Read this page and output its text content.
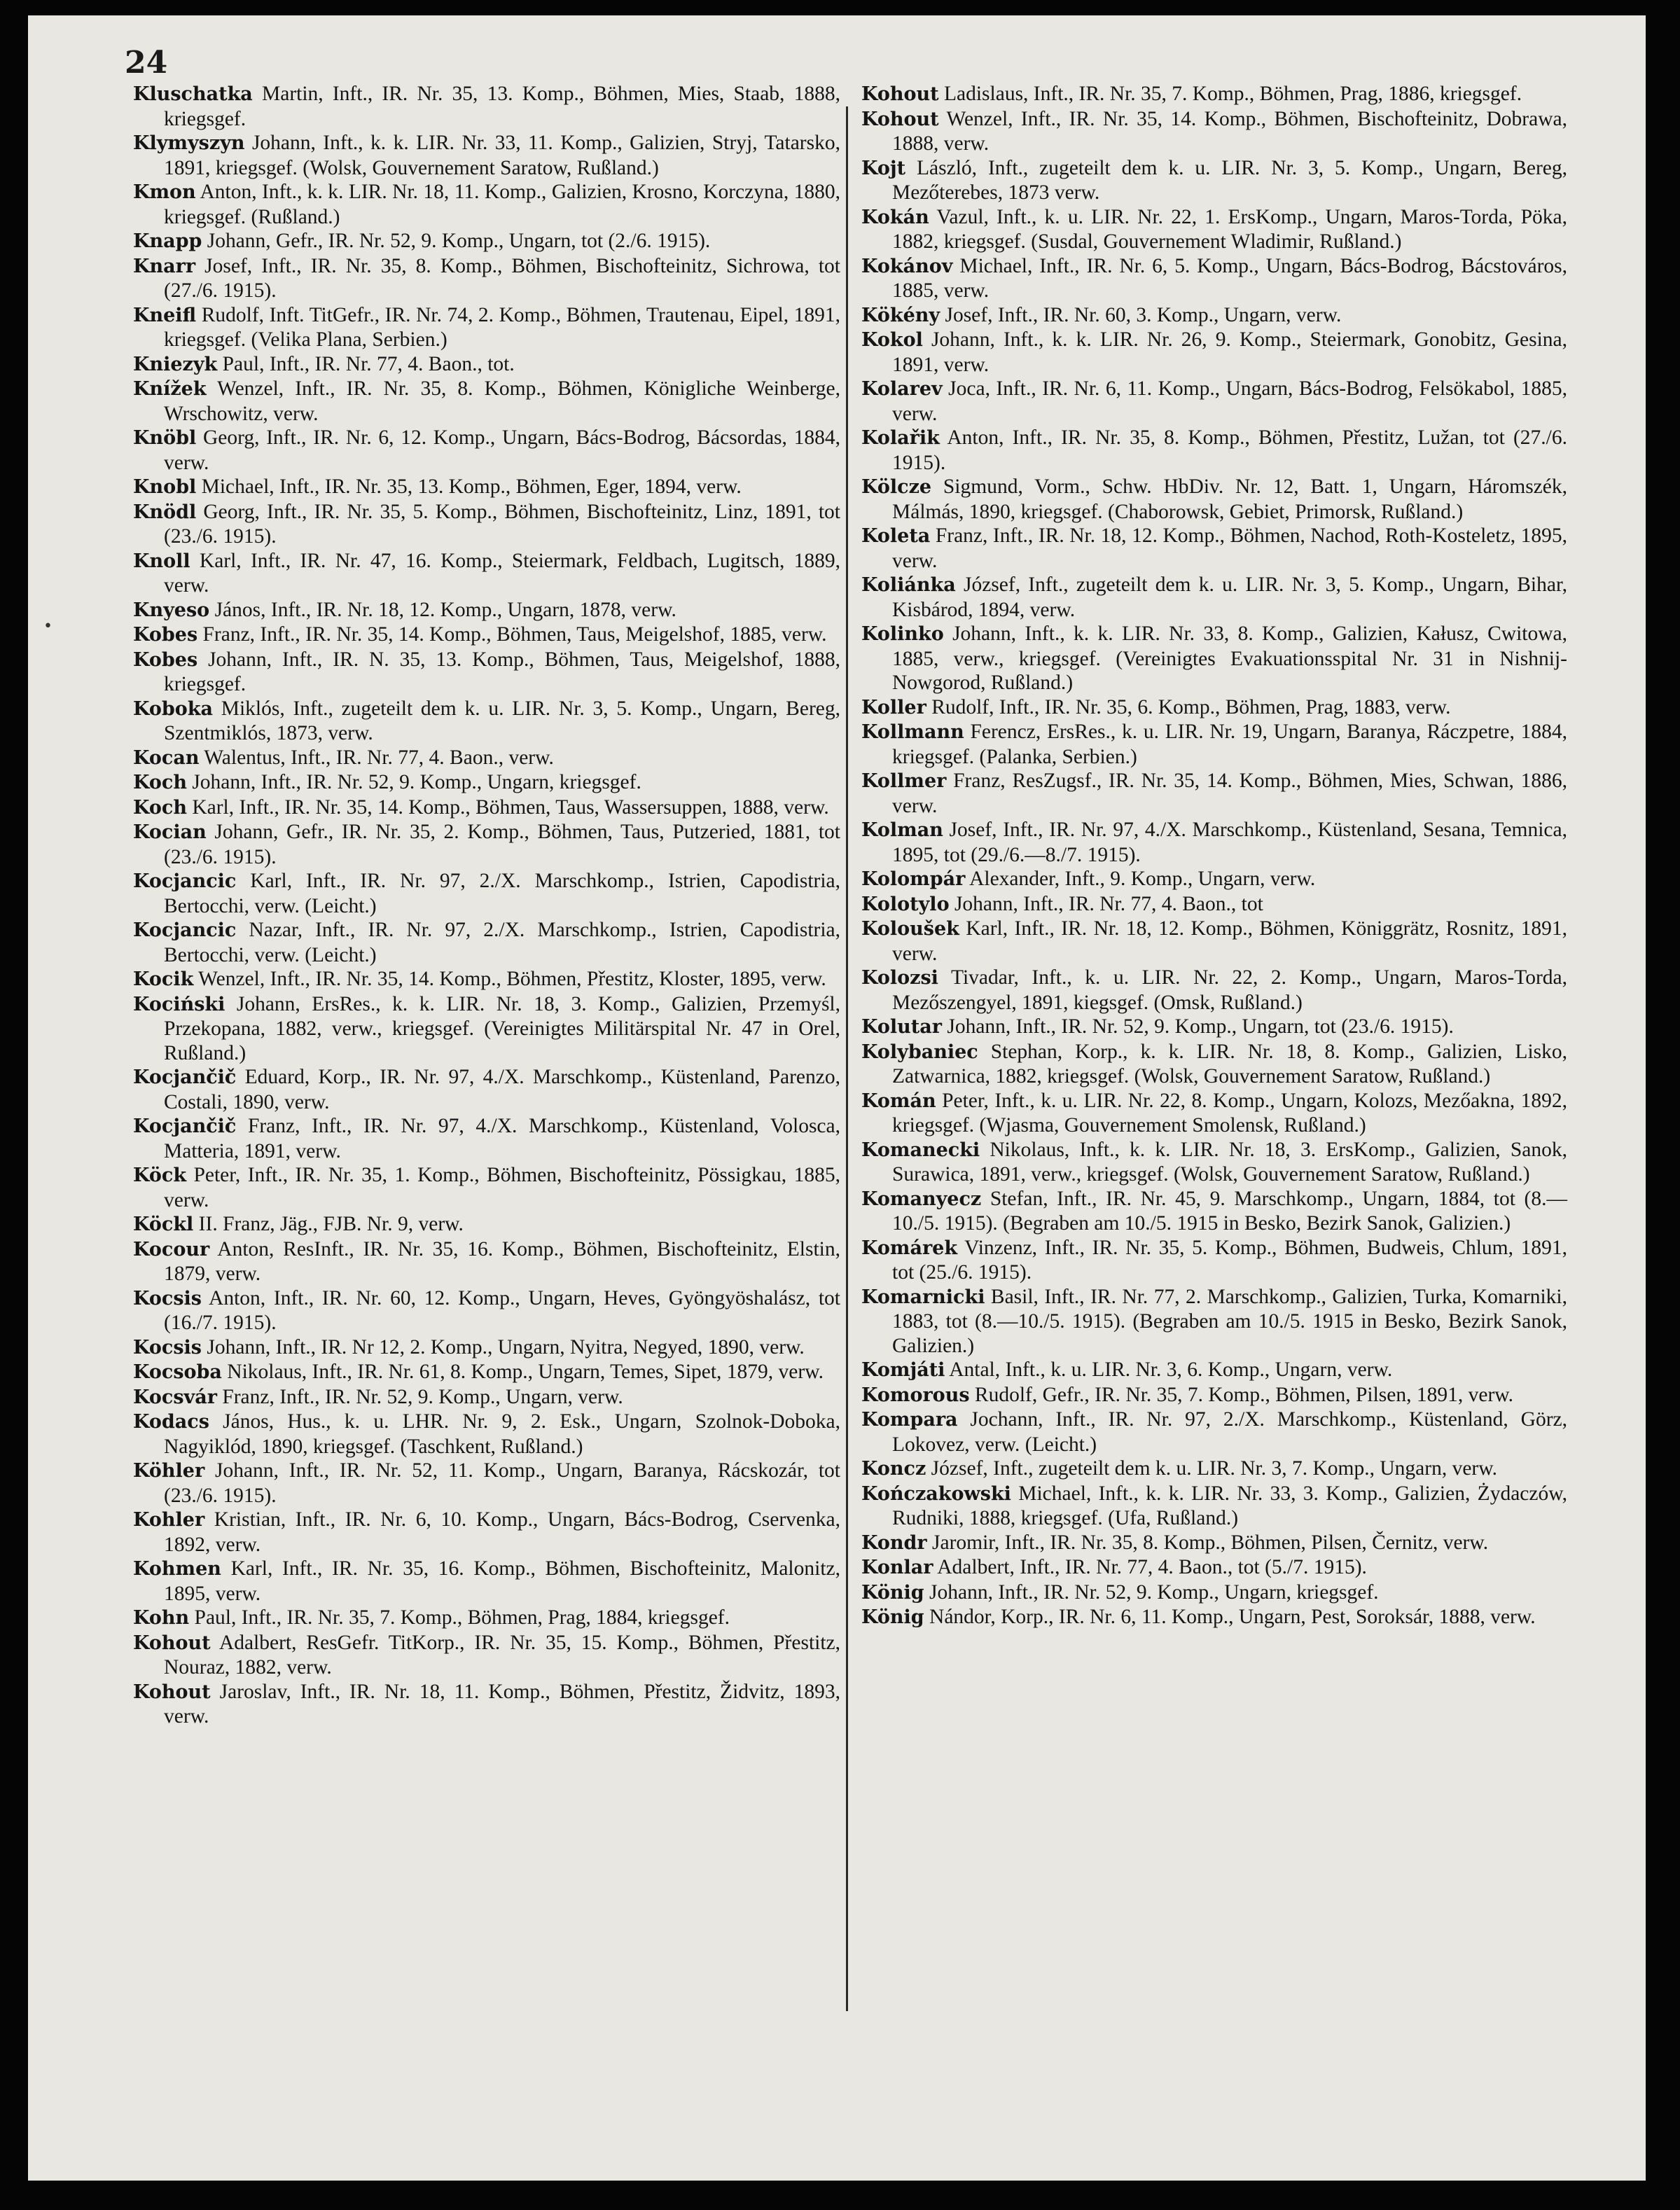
24

Kluschatka Martin, Inft., IR. Nr. 35, 13. Komp., Böhmen, Mies, Staab, 1888, kriegsgef.

Klymyszyn Johann, Inft., k. k. LIR. Nr. 33, 11. Komp., Galizien, Stryj, Tatarsko, 1891, kriegsgef. (Wolsk, Gouvernement Saratow, Rußland.)

Kmon Anton, Inft., k. k. LIR. Nr. 18, 11. Komp., Galizien, Krosno, Korczyna, 1880, kriegsgef. (Rußland.)

Knapp Johann, Gefr., IR. Nr. 52, 9. Komp., Ungarn, tot (2./6. 1915).

Knarr Josef, Inft., IR. Nr. 35, 8. Komp., Böhmen, Bischofteinitz, Sichrowa, tot (27./6. 1915).

Kneifl Rudolf, Inft. TitGefr., IR. Nr. 74, 2. Komp., Böhmen, Trautenau, Eipel, 1891, kriegsgef. (Velika Plana, Serbien.)

Kniezyk Paul, Inft., IR. Nr. 77, 4. Baon., tot.

Knížek Wenzel, Inft., IR. Nr. 35, 8. Komp., Böhmen, Königliche Weinberge, Wrschowitz, verw.

Knöbl Georg, Inft., IR. Nr. 6, 12. Komp., Ungarn, Bács-Bodrog, Bácsordas, 1884, verw.

Knobl Michael, Inft., IR. Nr. 35, 13. Komp., Böhmen, Eger, 1894, verw.

Knödl Georg, Inft., IR. Nr. 35, 5. Komp., Böhmen, Bischofteinitz, Linz, 1891, tot (23./6. 1915).

Knoll Karl, Inft., IR. Nr. 47, 16. Komp., Steiermark, Feldbach, Lugitsch, 1889, verw.

Knyeso János, Inft., IR. Nr. 18, 12. Komp., Ungarn, 1878, verw.

Kobes Franz, Inft., IR. Nr. 35, 14. Komp., Böhmen, Taus, Meigelshof, 1885, verw.

Kobes Johann, Inft., IR. N. 35, 13. Komp., Böhmen, Taus, Meigelshof, 1888, kriegsgef.

Koboka Miklós, Inft., zugeteilt dem k. u. LIR. Nr. 3, 5. Komp., Ungarn, Bereg, Szentmiklós, 1873, verw.

Kocan Walentus, Inft., IR. Nr. 77, 4. Baon., verw.

Koch Johann, Inft., IR. Nr. 52, 9. Komp., Ungarn, kriegsgef.

Koch Karl, Inft., IR. Nr. 35, 14. Komp., Böhmen, Taus, Wassersuppen, 1888, verw.

Kocian Johann, Gefr., IR. Nr. 35, 2. Komp., Böhmen, Taus, Putzeried, 1881, tot (23./6. 1915).

Kocjancic Karl, Inft., IR. Nr. 97, 2./X. Marschkomp., Istrien, Capodistria, Bertocchi, verw. (Leicht.)

Kocjancic Nazar, Inft., IR. Nr. 97, 2./X. Marschkomp., Istrien, Capodistria, Bertocchi, verw. (Leicht.)

Kocik Wenzel, Inft., IR. Nr. 35, 14. Komp., Böhmen, Přestitz, Kloster, 1895, verw.

Kociński Johann, ErsRes., k. k. LIR. Nr. 18, 3. Komp., Galizien, Przemyśl, Przekopana, 1882, verw., kriegsgef. (Vereinigtes Militärspital Nr. 47 in Orel, Rußland.)

Kocjančič Eduard, Korp., IR. Nr. 97, 4./X. Marschkomp., Küstenland, Parenzo, Costali, 1890, verw.

Kocjančič Franz, Inft., IR. Nr. 97, 4./X. Marschkomp., Küstenland, Volosca, Matteria, 1891, verw.

Köck Peter, Inft., IR. Nr. 35, 1. Komp., Böhmen, Bischofteinitz, Pössigkau, 1885, verw.

Köckl II. Franz, Jäg., FJB. Nr. 9, verw.

Kocour Anton, ResInft., IR. Nr. 35, 16. Komp., Böhmen, Bischofteinitz, Elstin, 1879, verw.

Kocsis Anton, Inft., IR. Nr. 60, 12. Komp., Ungarn, Heves, Gyöngyöshalász, tot (16./7. 1915).

Kocsis Johann, Inft., IR. Nr 12, 2. Komp., Ungarn, Nyitra, Negyed, 1890, verw.

Kocsoba Nikolaus, Inft., IR. Nr. 61, 8. Komp., Ungarn, Temes, Sipet, 1879, verw.

Kocsvár Franz, Inft., IR. Nr. 52, 9. Komp., Ungarn, verw.

Kodacs János, Hus., k. u. LHR. Nr. 9, 2. Esk., Ungarn, Szolnok-Doboka, Nagyiklód, 1890, kriegsgef. (Taschkent, Rußland.)

Köhler Johann, Inft., IR. Nr. 52, 11. Komp., Ungarn, Baranya, Rácskozár, tot (23./6. 1915).

Kohler Kristian, Inft., IR. Nr. 6, 10. Komp., Ungarn, Bács-Bodrog, Cservenka, 1892, verw.

Kohmen Karl, Inft., IR. Nr. 35, 16. Komp., Böhmen, Bischofteinitz, Malonitz, 1895, verw.

Kohn Paul, Inft., IR. Nr. 35, 7. Komp., Böhmen, Prag, 1884, kriegsgef.

Kohout Adalbert, ResGefr. TitKorp., IR. Nr. 35, 15. Komp., Böhmen, Přestitz, Nouraz, 1882, verw.

Kohout Jaroslav, Inft., IR. Nr. 18, 11. Komp., Böhmen, Přestitz, Židvitz, 1893, verw.

Kohout Ladislaus, Inft., IR. Nr. 35, 7. Komp., Böhmen, Prag, 1886, kriegsgef.

Kohout Wenzel, Inft., IR. Nr. 35, 14. Komp., Böhmen, Bischofteinitz, Dobrawa, 1888, verw.

Kojt László, Inft., zugeteilt dem k. u. LIR. Nr. 3, 5. Komp., Ungarn, Bereg, Mezőterebes, 1873 verw.

Kokán Vazul, Inft., k. u. LIR. Nr. 22, 1. ErsKomp., Ungarn, Maros-Torda, Pöka, 1882, kriegsgef. (Susdal, Gouvernement Wladimir, Rußland.)

Kokánov Michael, Inft., IR. Nr. 6, 5. Komp., Ungarn, Bács-Bodrog, Bácstováros, 1885, verw.

Kökény Josef, Inft., IR. Nr. 60, 3. Komp., Ungarn, verw.

Kokol Johann, Inft., k. k. LIR. Nr. 26, 9. Komp., Steiermark, Gonobitz, Gesina, 1891, verw.

Kolarev Joca, Inft., IR. Nr. 6, 11. Komp., Ungarn, Bács-Bodrog, Felsökabol, 1885, verw.

Kolařik Anton, Inft., IR. Nr. 35, 8. Komp., Böhmen, Přestitz, Lužan, tot (27./6. 1915).

Kölcze Sigmund, Vorm., Schw. HbDiv. Nr. 12, Batt. 1, Ungarn, Háromszék, Málmás, 1890, kriegsgef. (Chaborowsk, Gebiet, Primorsk, Rußland.)

Koleta Franz, Inft., IR. Nr. 18, 12. Komp., Böhmen, Nachod, Roth-Kosteletz, 1895, verw.

Koliánka József, Inft., zugeteilt dem k. u. LIR. Nr. 3, 5. Komp., Ungarn, Bihar, Kisbárod, 1894, verw.

Kolinko Johann, Inft., k. k. LIR. Nr. 33, 8. Komp., Galizien, Kałusz, Cwitowa, 1885, verw., kriegsgef. (Vereinigtes Evakuationsspital Nr. 31 in Nishnij-Nowgorod, Rußland.)

Koller Rudolf, Inft., IR. Nr. 35, 6. Komp., Böhmen, Prag, 1883, verw.

Kollmann Ferencz, ErsRes., k. u. LIR. Nr. 19, Ungarn, Baranya, Ráczpetre, 1884, kriegsgef. (Palanka, Serbien.)

Kollmer Franz, ResZugsf., IR. Nr. 35, 14. Komp., Böhmen, Mies, Schwan, 1886, verw.

Kolman Josef, Inft., IR. Nr. 97, 4./X. Marschkomp., Küstenland, Sesana, Temnica, 1895, tot (29./6.—8./7. 1915).

Kolompár Alexander, Inft., 9. Komp., Ungarn, verw.

Kolotylo Johann, Inft., IR. Nr. 77, 4. Baon., tot

Koloušek Karl, Inft., IR. Nr. 18, 12. Komp., Böhmen, Königgrätz, Rosnitz, 1891, verw.

Kolozsi Tivadar, Inft., k. u. LIR. Nr. 22, 2. Komp., Ungarn, Maros-Torda, Mezőszengyel, 1891, kiegsgef. (Omsk, Rußland.)

Kolutar Johann, Inft., IR. Nr. 52, 9. Komp., Ungarn, tot (23./6. 1915).

Kolybaniec Stephan, Korp., k. k. LIR. Nr. 18, 8. Komp., Galizien, Lisko, Zatwarnica, 1882, kriegsgef. (Wolsk, Gouvernement Saratow, Rußland.)

Komán Peter, Inft., k. u. LIR. Nr. 22, 8. Komp., Ungarn, Kolozs, Mezőakna, 1892, kriegsgef. (Wjasma, Gouvernement Smolensk, Rußland.)

Komanecki Nikolaus, Inft., k. k. LIR. Nr. 18, 3. ErsKomp., Galizien, Sanok, Surawica, 1891, verw., kriegsgef. (Wolsk, Gouvernement Saratow, Rußland.)

Komanyecz Stefan, Inft., IR. Nr. 45, 9. Marschkomp., Ungarn, 1884, tot (8.—10./5. 1915). (Begraben am 10./5. 1915 in Besko, Bezirk Sanok, Galizien.)

Komárek Vinzenz, Inft., IR. Nr. 35, 5. Komp., Böhmen, Budweis, Chlum, 1891, tot (25./6. 1915).

Komarnicki Basil, Inft., IR. Nr. 77, 2. Marschkomp., Galizien, Turka, Komarniki, 1883, tot (8.—10./5. 1915). (Begraben am 10./5. 1915 in Besko, Bezirk Sanok, Galizien.)

Komjáti Antal, Inft., k. u. LIR. Nr. 3, 6. Komp., Ungarn, verw.

Komorous Rudolf, Gefr., IR. Nr. 35, 7. Komp., Böhmen, Pilsen, 1891, verw.

Kompara Jochann, Inft., IR. Nr. 97, 2./X. Marschkomp., Küstenland, Görz, Lokovez, verw. (Leicht.)

Koncz József, Inft., zugeteilt dem k. u. LIR. Nr. 3, 7. Komp., Ungarn, verw.

Kończakowski Michael, Inft., k. k. LIR. Nr. 33, 3. Komp., Galizien, Żydaczów, Rudniki, 1888, kriegsgef. (Ufa, Rußland.)

Kondr Jaromir, Inft., IR. Nr. 35, 8. Komp., Böhmen, Pilsen, Černitz, verw.

Konlar Adalbert, Inft., IR. Nr. 77, 4. Baon., tot (5./7. 1915).

König Johann, Inft., IR. Nr. 52, 9. Komp., Ungarn, kriegsgef.

König Nándor, Korp., IR. Nr. 6, 11. Komp., Ungarn, Pest, Soroksár, 1888, verw.

•
